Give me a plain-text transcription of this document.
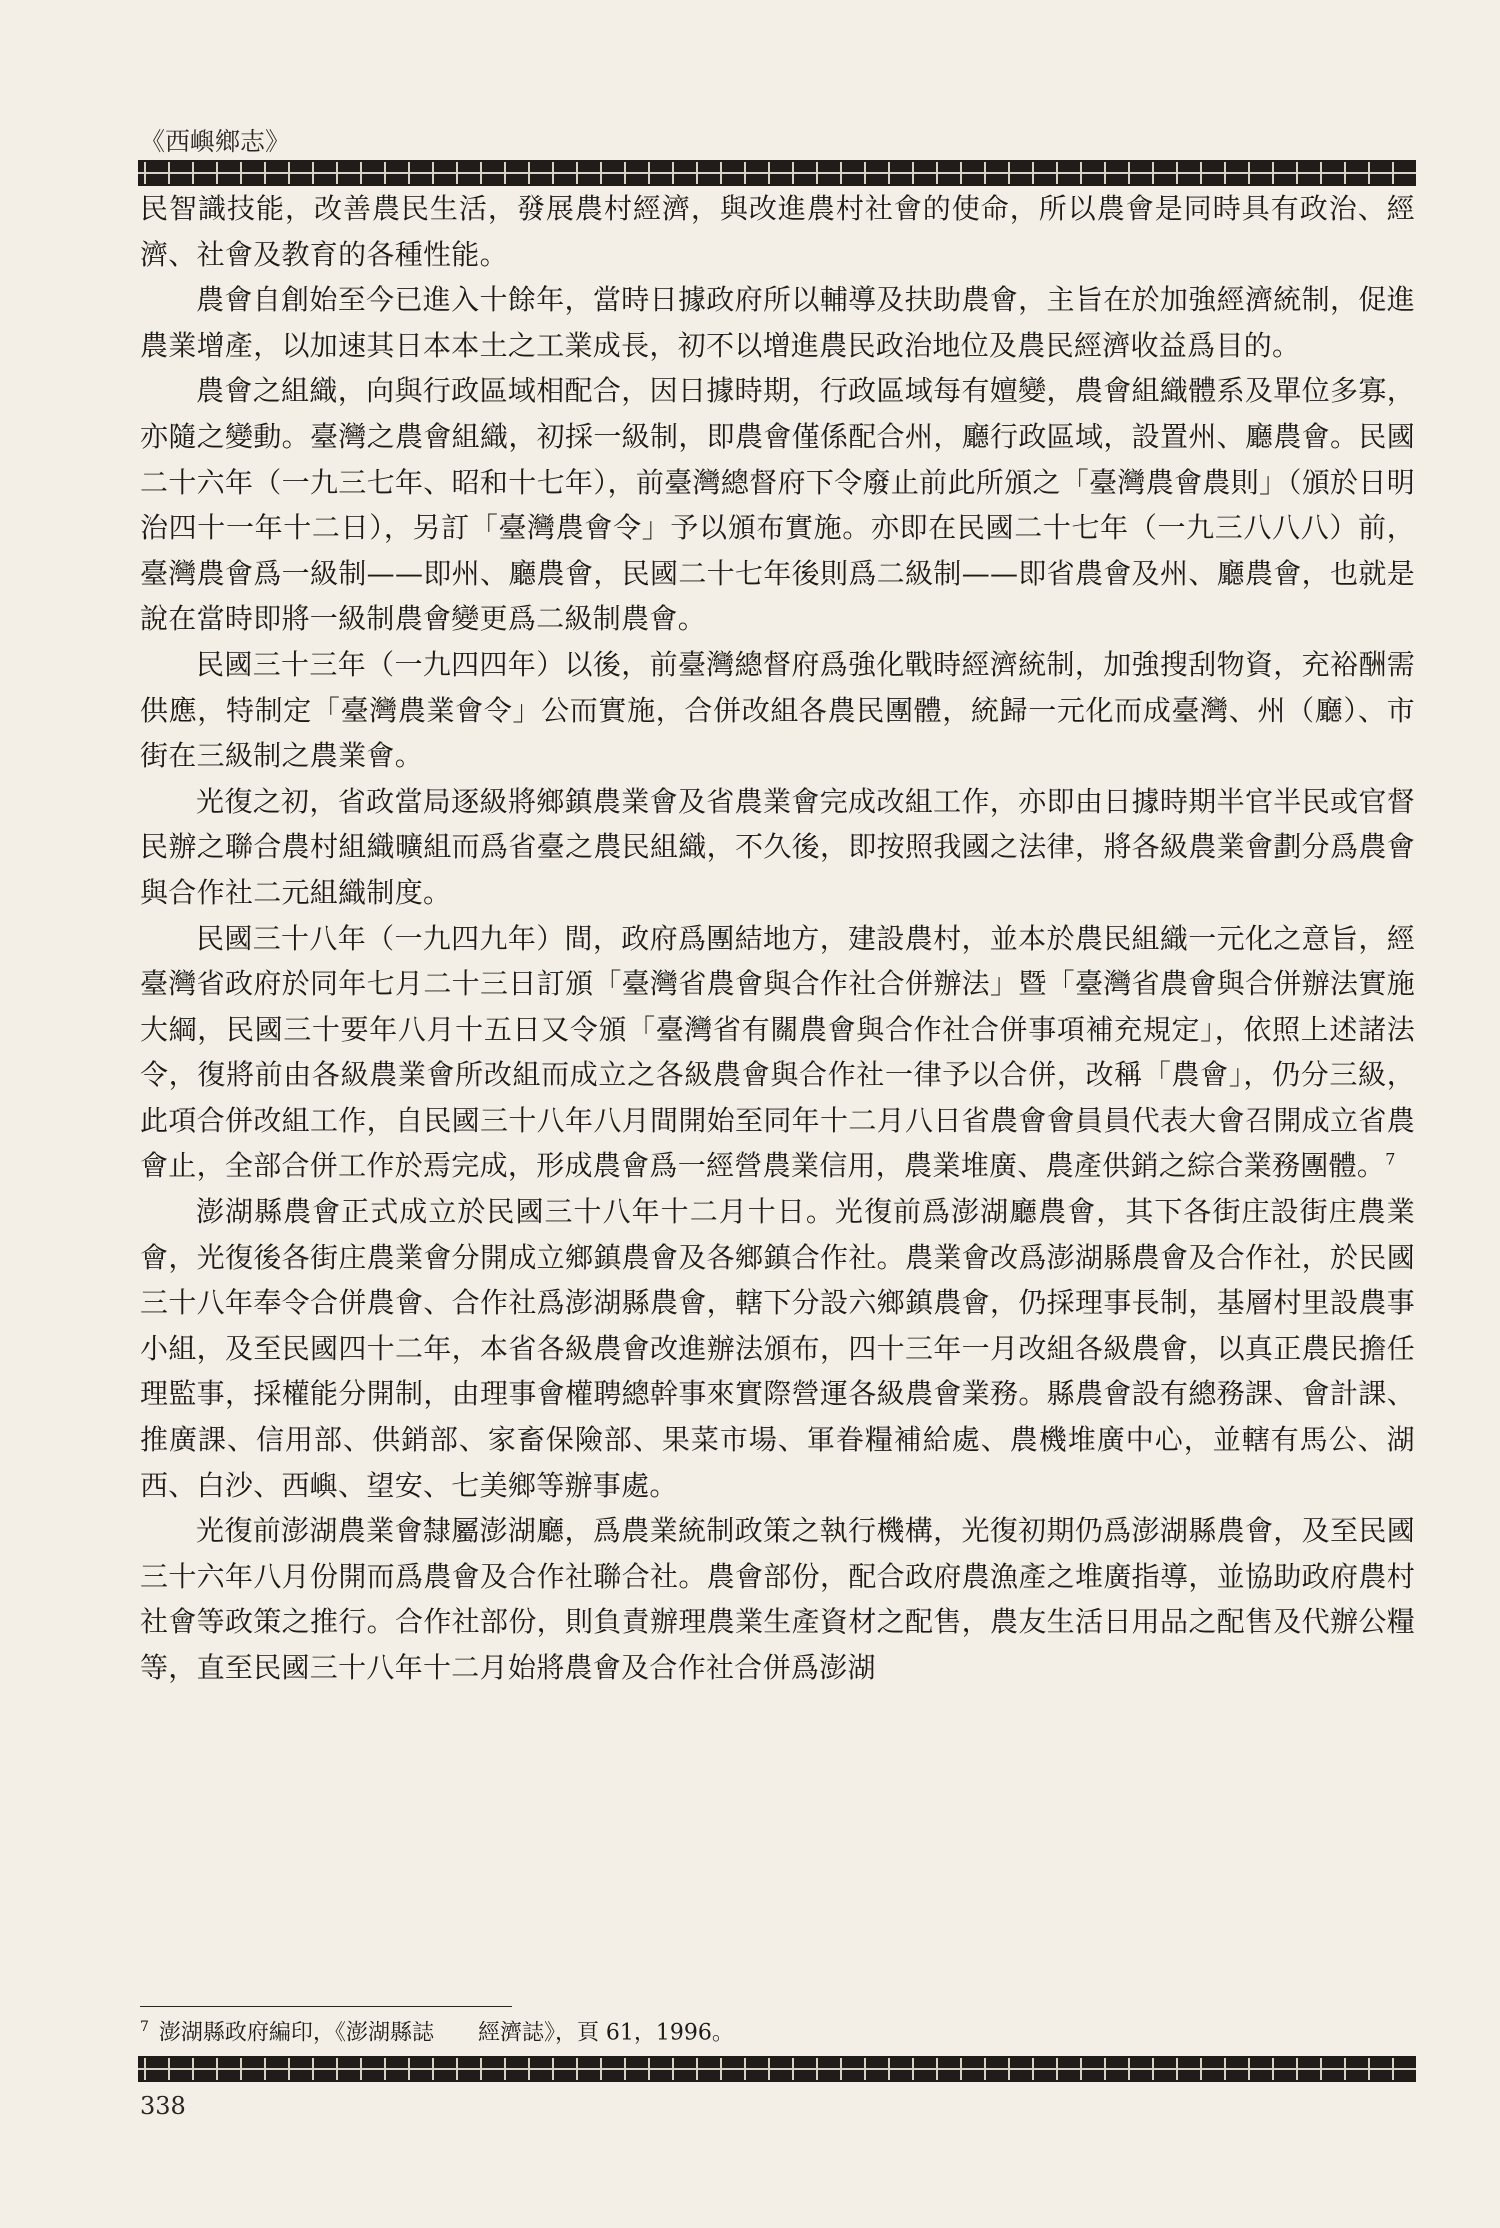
《西嶼鄉志》

民智識技能，改善農民生活，發展農村經濟，與改進農村社會的使命，所以農會是同時具有政治、經濟、社會及教育的各種性能。

農會自創始至今已進入十餘年，當時日據政府所以輔導及扶助農會，主旨在於加強經濟統制，促進農業增產，以加速其日本本土之工業成長，初不以增進農民政治地位及農民經濟收益爲目的。

農會之組織，向與行政區域相配合，因日據時期，行政區域每有嬗變，農會組織體系及單位多寡，亦隨之變動。臺灣之農會組織，初採一級制，即農會僅係配合州，廳行政區域，設置州、廳農會。民國二十六年（一九三七年、昭和十七年），前臺灣總督府下令廢止前此所頒之「臺灣農會農則」（頒於日明治四十一年十二日），另訂「臺灣農會令」予以頒布實施。亦即在民國二十七年（一九三八八八）前，臺灣農會爲一級制——即州、廳農會，民國二十七年後則爲二級制——即省農會及州、廳農會，也就是說在當時即將一級制農會變更爲二級制農會。

民國三十三年（一九四四年）以後，前臺灣總督府爲強化戰時經濟統制，加強搜刮物資，充裕酬需供應，特制定「臺灣農業會令」公而實施，合併改組各農民團體，統歸一元化而成臺灣、州（廳）、市街在三級制之農業會。

光復之初，省政當局逐級將鄉鎮農業會及省農業會完成改組工作，亦即由日據時期半官半民或官督民辦之聯合農村組織曠組而爲省臺之農民組織，不久後，即按照我國之法律，將各級農業會劃分爲農會與合作社二元組織制度。

民國三十八年（一九四九年）間，政府爲團結地方，建設農村，並本於農民組織一元化之意旨，經臺灣省政府於同年七月二十三日訂頒「臺灣省農會與合作社合併辦法」暨「臺灣省農會與合併辦法實施大綱，民國三十要年八月十五日又令頒「臺灣省有關農會與合作社合併事項補充規定」，依照上述諸法令，復將前由各級農業會所改組而成立之各級農會與合作社一律予以合併，改稱「農會」，仍分三級，此項合併改組工作，自民國三十八年八月間開始至同年十二月八日省農會會員員代表大會召開成立省農會止，全部合併工作於焉完成，形成農會爲一經營農業信用，農業堆廣、農產供銷之綜合業務團體。$^7$

澎湖縣農會正式成立於民國三十八年十二月十日。光復前爲澎湖廳農會，其下各街庄設街庄農業會，光復後各街庄農業會分開成立鄉鎮農會及各鄉鎮合作社。農業會改爲澎湖縣農會及合作社，於民國三十八年奉令合併農會、合作社爲澎湖縣農會，轄下分設六鄉鎮農會，仍採理事長制，基層村里設農事小組，及至民國四十二年，本省各級農會改進辦法頒布，四十三年一月改組各級農會，以真正農民擔任理監事，採權能分開制，由理事會權聘總幹事來實際營運各級農會業務。縣農會設有總務課、會計課、推廣課、信用部、供銷部、家畜保險部、果菜市場、軍眷糧補給處、農機堆廣中心，並轄有馬公、湖西、白沙、西嶼、望安、七美鄉等辦事處。

光復前澎湖農業會隸屬澎湖廳，爲農業統制政策之執行機構，光復初期仍爲澎湖縣農會，及至民國三十六年八月份開而爲農會及合作社聯合社。農會部份，配合政府農漁產之堆廣指導，並協助政府農村社會等政策之推行。合作社部份，則負責辦理農業生產資材之配售，農友生活日用品之配售及代辦公糧等，直至民國三十八年十二月始將農會及合作社合併爲澎湖

$^7$ 澎湖縣政府編印，《澎湖縣誌　　經濟誌》，頁 61，1996。
338
